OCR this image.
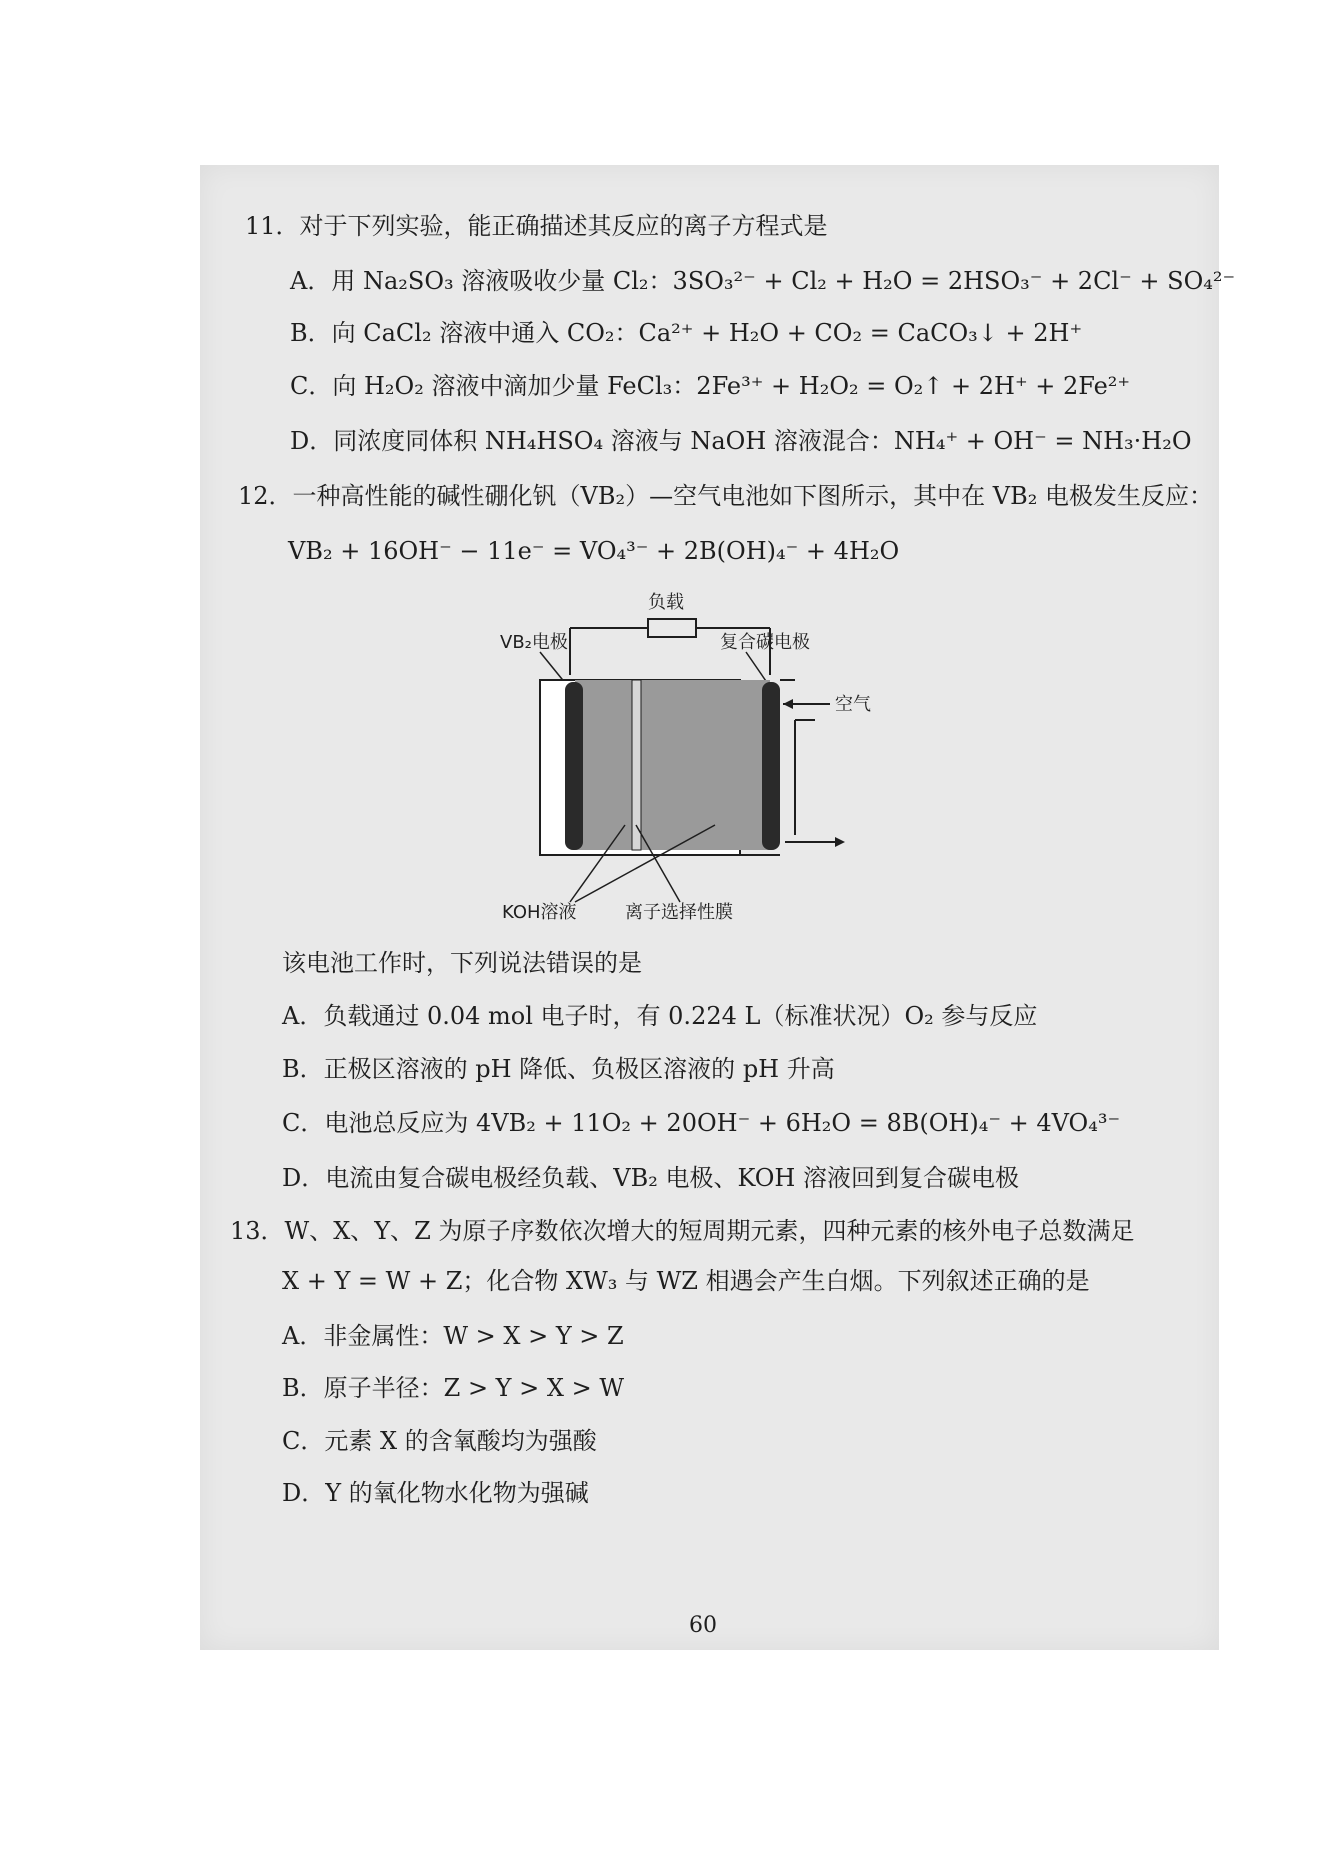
11．对于下列实验，能正确描述其反应的离子方程式是
A．用 Na₂SO₃ 溶液吸收少量 Cl₂：3SO₃²⁻ + Cl₂ + H₂O = 2HSO₃⁻ + 2Cl⁻ + SO₄²⁻
B．向 CaCl₂ 溶液中通入 CO₂：Ca²⁺ + H₂O + CO₂ = CaCO₃↓ + 2H⁺
C．向 H₂O₂ 溶液中滴加少量 FeCl₃：2Fe³⁺ + H₂O₂ = O₂↑ + 2H⁺ + 2Fe²⁺
D．同浓度同体积 NH₄HSO₄ 溶液与 NaOH 溶液混合：NH₄⁺ + OH⁻ = NH₃·H₂O
12．一种高性能的碱性硼化钒（VB₂）—空气电池如下图所示，其中在 VB₂ 电极发生反应：
VB₂ + 16OH⁻ − 11e⁻ = VO₄³⁻ + 2B(OH)₄⁻ + 4H₂O
负载
VB₂电极	复合碳电极
空气
KOH溶液	离子选择性膜
该电池工作时，下列说法错误的是
A．负载通过 0.04 mol 电子时，有 0.224 L（标准状况）O₂ 参与反应
B．正极区溶液的 pH 降低、负极区溶液的 pH 升高
C．电池总反应为 4VB₂ + 11O₂ + 20OH⁻ + 6H₂O = 8B(OH)₄⁻ + 4VO₄³⁻
D．电流由复合碳电极经负载、VB₂ 电极、KOH 溶液回到复合碳电极
13．W、X、Y、Z 为原子序数依次增大的短周期元素，四种元素的核外电子总数满足
X + Y = W + Z；化合物 XW₃ 与 WZ 相遇会产生白烟。下列叙述正确的是
A．非金属性：W > X > Y > Z
B．原子半径：Z > Y > X > W
C．元素 X 的含氧酸均为强酸
D．Y 的氧化物水化物为强碱
60
